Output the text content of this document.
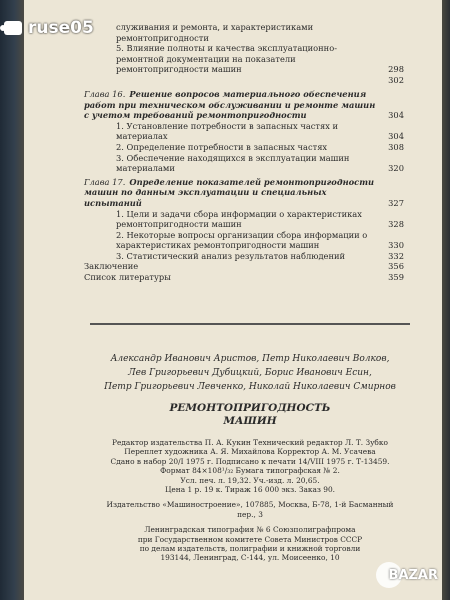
ruse05	служивания и ремонта, и характеристиками ремонтопригодности
5. Влияние полноты и качества эксплуатационно-ремонтной документации на показатели ремонтопригодности машин	298
302
Глава 16. Решение вопросов материального обеспечения работ при техническом обслуживании и ремонте машин с учетом требований ремонтопригодности	304
1. Установление потребности в запасных частях и материалах	304
2. Определение потребности в запасных частях	308
3. Обеспечение находящихся в эксплуатации машин материалами	320
Глава 17. Определение показателей ремонтопригодности машин по данным эксплуатации и специальных испытаний	327
1. Цели и задачи сбора информации о характеристиках ремонтопригодности машин	328
2. Некоторые вопросы организации сбора информации о характеристиках ремонтопригодности машин	330
3. Статистический анализ результатов наблюдений	332
Заключение	356
Список литературы	359
Александр Иванович Аристов, Петр Николаевич Волков,
Лев Григорьевич Дубицкий, Борис Иванович Есин,
Петр Григорьевич Левченко, Николай Николаевич Смирнов
РЕМОНТОПРИГОДНОСТЬ
МАШИН
Редактор издательства П. А. Кукин Технический редактор Л. Т. Зубко
Переплет художника А. Я. Михайлова Корректор А. М. Усачева
Сдано в набор 20/I 1975 г. Подписано к печати 14/VIII 1975 г. Т-13459.
Формат 84×108¹/₃₂ Бумага типографская № 2.
Усл. печ. л. 19,32. Уч.-изд. л. 20,65.
Цена 1 р. 19 к. Тираж 16 000 экз. Заказ 90.
Издательство «Машиностроение», 107885, Москва, Б-78, 1-й Басманный
пер., 3
Ленинградская типография № 6 Союзполиграфпрома
при Государственном комитете Совета Министров СССР
по делам издательств, полиграфии и книжной торговли
193144, Ленинград, С-144, ул. Моисеенко, 10
BAZAR
